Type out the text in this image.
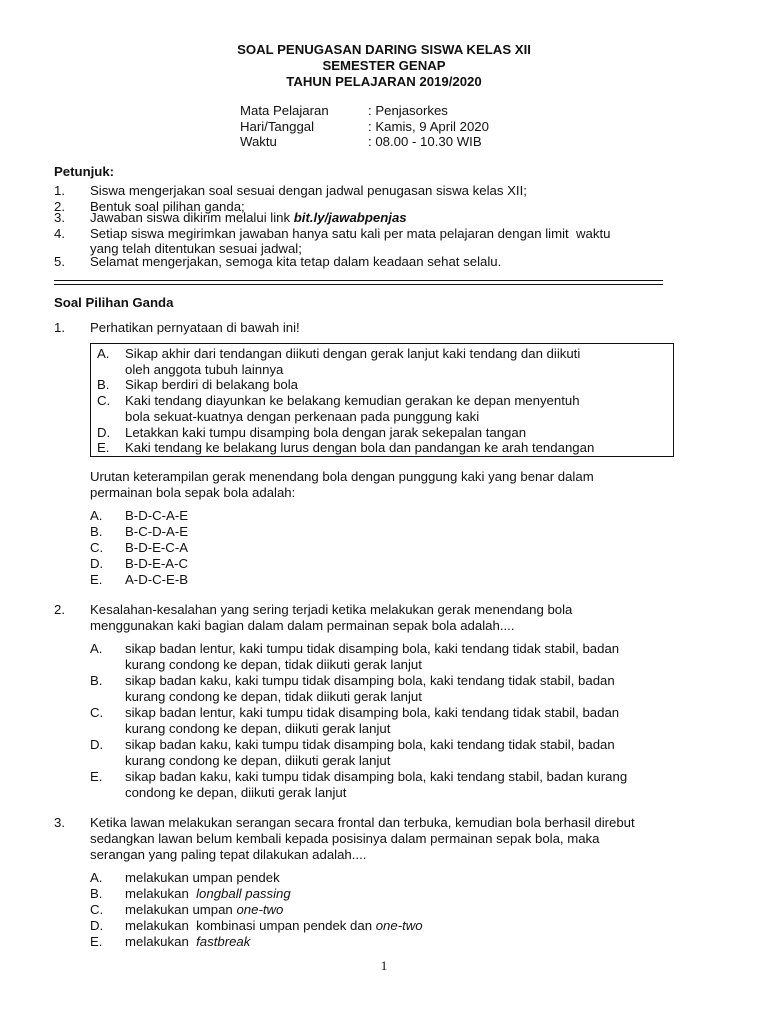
SOAL PENUGASAN DARING SISWA KELAS XII
SEMESTER GENAP
TAHUN PELAJARAN 2019/2020
Mata Pelajaran	: Penjasorkes
Hari/Tanggal	: Kamis, 9 April 2020
Waktu	: 08.00 - 10.30 WIB
Petunjuk:
1. Siswa mengerjakan soal sesuai dengan jadwal penugasan siswa kelas XII;
2. Bentuk soal pilihan ganda;
3. Jawaban siswa dikirim melalui link bit.ly/jawabpenjas
4. Setiap siswa megirimkan jawaban hanya satu kali per mata pelajaran dengan limit  waktu
yang telah ditentukan sesuai jadwal;
5. Selamat mengerjakan, semoga kita tetap dalam keadaan sehat selalu.
Soal Pilihan Ganda
1. Perhatikan pernyataan di bawah ini!
A. Sikap akhir dari tendangan diikuti dengan gerak lanjut kaki tendang dan diikuti
oleh anggota tubuh lainnya
B. Sikap berdiri di belakang bola
C. Kaki tendang diayunkan ke belakang kemudian gerakan ke depan menyentuh
bola sekuat-kuatnya dengan perkenaan pada punggung kaki
D. Letakkan kaki tumpu disamping bola dengan jarak sekepalan tangan
E. Kaki tendang ke belakang lurus dengan bola dan pandangan ke arah tendangan
Urutan keterampilan gerak menendang bola dengan punggung kaki yang benar dalam
permainan bola sepak bola adalah:
A. B-D-C-A-E
B. B-C-D-A-E
C. B-D-E-C-A
D. B-D-E-A-C
E. A-D-C-E-B
2. Kesalahan-kesalahan yang sering terjadi ketika melakukan gerak menendang bola
menggunakan kaki bagian dalam dalam permainan sepak bola adalah....
A. sikap badan lentur, kaki tumpu tidak disamping bola, kaki tendang tidak stabil, badan
kurang condong ke depan, tidak diikuti gerak lanjut
B. sikap badan kaku, kaki tumpu tidak disamping bola, kaki tendang tidak stabil, badan
kurang condong ke depan, tidak diikuti gerak lanjut
C. sikap badan lentur, kaki tumpu tidak disamping bola, kaki tendang tidak stabil, badan
kurang condong ke depan, diikuti gerak lanjut
D. sikap badan kaku, kaki tumpu tidak disamping bola, kaki tendang tidak stabil, badan
kurang condong ke depan, diikuti gerak lanjut
E. sikap badan kaku, kaki tumpu tidak disamping bola, kaki tendang stabil, badan kurang
condong ke depan, diikuti gerak lanjut
3. Ketika lawan melakukan serangan secara frontal dan terbuka, kemudian bola berhasil direbut
sedangkan lawan belum kembali kepada posisinya dalam permainan sepak bola, maka
serangan yang paling tepat dilakukan adalah....
A. melakukan umpan pendek
B. melakukan  longball passing
C. melakukan umpan one-two
D. melakukan  kombinasi umpan pendek dan one-two
E. melakukan  fastbreak
1
